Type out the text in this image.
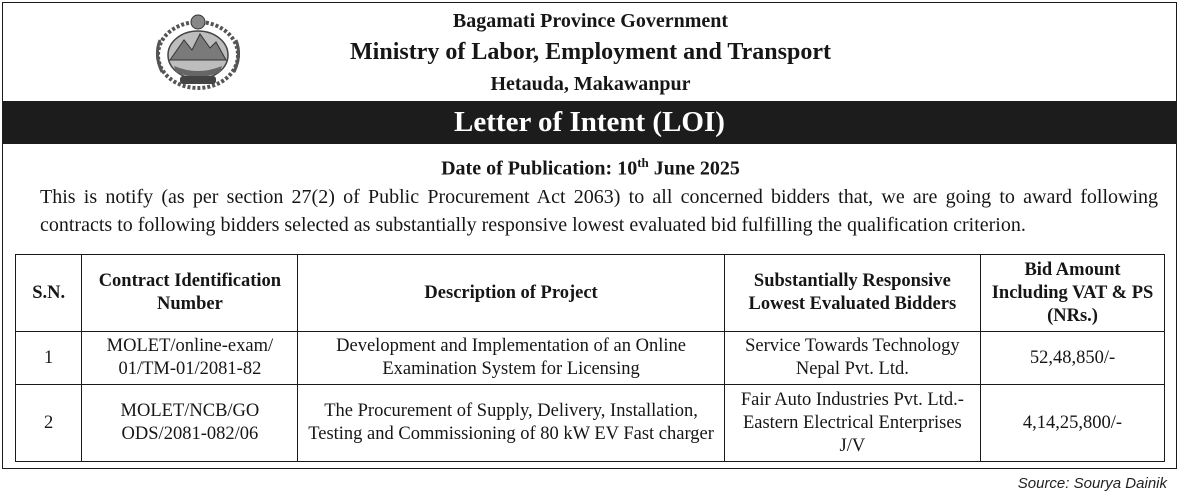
Bagamati Province Government
Ministry of Labor, Employment and Transport
Hetauda, Makawanpur
Letter of Intent (LOI)
Date of Publication: 10th June 2025
This is notify (as per section 27(2) of Public Procurement Act 2063) to all concerned bidders that, we are going to award following contracts to following bidders selected as substantially responsive lowest evaluated bid fulfilling the qualification criterion.
S.N.	Contract Identification Number	Description of Project	Substantially Responsive Lowest Evaluated Bidders	Bid Amount Including VAT & PS (NRs.)
1	MOLET/online-exam/ 01/TM-01/2081-82	Development and Implementation of an Online Examination System for Licensing	Service Towards Technology Nepal Pvt. Ltd.	52,48,850/-
2	MOLET/NCB/GO ODS/2081-082/06	The Procurement of Supply, Delivery, Installation, Testing and Commissioning of 80 kW EV Fast charger	Fair Auto Industries Pvt. Ltd.-Eastern Electrical Enterprises J/V	4,14,25,800/-
Source: Sourya Dainik
